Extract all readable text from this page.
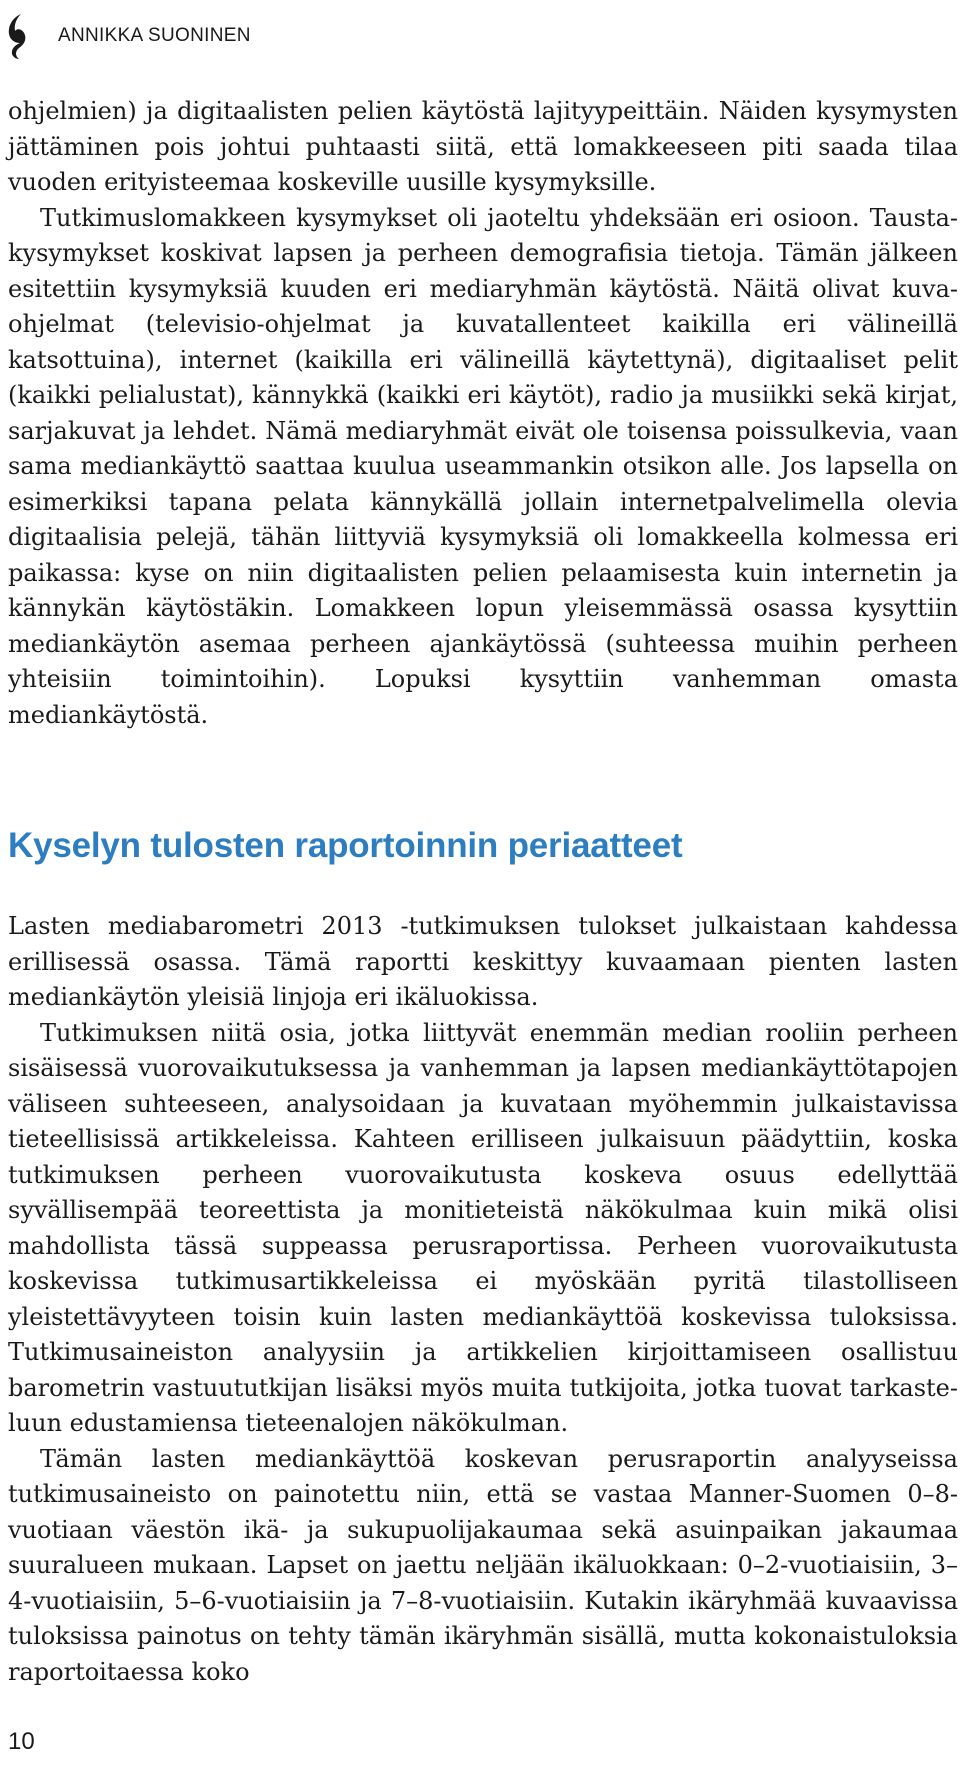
ANNIKKA SUONINEN

ohjelmien) ja digitaalisten pelien käytöstä lajityypeittäin. Näiden kysymysten jättäminen pois johtui puhtaasti siitä, että lomakkeeseen piti saada tilaa vuoden erityisteemaa koskeville uusille kysymyksille.

Tutkimuslomakkeen kysymykset oli jaoteltu yhdeksään eri osioon. Taustakysymykset koskivat lapsen ja perheen demografisia tietoja. Tämän jälkeen esitettiin kysymyksiä kuuden eri mediaryhmän käytöstä. Näitä olivat kuvaohjelmat (televisio-ohjelmat ja kuvatallenteet kaikilla eri välineillä katsottuina), internet (kaikilla eri välineillä käytettynä), digitaaliset pelit (kaikki pelialustat), kännykkä (kaikki eri käytöt), radio ja musiikki sekä kirjat, sarjakuvat ja lehdet. Nämä mediaryhmät eivät ole toisensa poissulkevia, vaan sama mediankäyttö saattaa kuulua useammankin otsikon alle. Jos lapsella on esimerkiksi tapana pelata kännykällä jollain internetpalvelimella olevia digitaalisia pelejä, tähän liittyviä kysymyksiä oli lomakkeella kolmessa eri paikassa: kyse on niin digitaalisten pelien pelaamisesta kuin internetin ja kännykän käytöstäkin. Lomakkeen lopun yleisemmässä osassa kysyttiin mediankäytön asemaa perheen ajankäytössä (suhteessa muihin perheen yhteisiin toimintoihin). Lopuksi kysyttiin vanhemman omasta mediankäytöstä.

Kyselyn tulosten raportoinnin periaatteet

Lasten mediabarometri 2013 -tutkimuksen tulokset julkaistaan kahdessa erillisessä osassa. Tämä raportti keskittyy kuvaamaan pienten lasten mediankäytön yleisiä linjoja eri ikäluokissa.

Tutkimuksen niitä osia, jotka liittyvät enemmän median rooliin perheen sisäisessä vuorovaikutuksessa ja vanhemman ja lapsen mediankäyttötapojen väliseen suhteeseen, analysoidaan ja kuvataan myöhemmin julkaistavissa tieteellisissä artikkeleissa. Kahteen erilliseen julkaisuun päädyttiin, koska tutkimuksen perheen vuorovaikutusta koskeva osuus edellyttää syvällisempää teoreettista ja monitieteistä näkökulmaa kuin mikä olisi mahdollista tässä suppeassa perusraportissa. Perheen vuorovaikutusta koskevissa tutkimusartikkeleissa ei myöskään pyritä tilastolliseen yleistettävyyteen toisin kuin lasten mediankäyttöä koskevissa tuloksissa. Tutkimusaineiston analyysiin ja artikkelien kirjoittamiseen osallistuu barometrin vastuututkijan lisäksi myös muita tutkijoita, jotka tuovat tarkasteluun edustamiensa tieteenalojen näkökulman.

Tämän lasten mediankäyttöä koskevan perusraportin analyyseissa tutkimusaineisto on painotettu niin, että se vastaa Manner-Suomen 0–8-vuotiaan väestön ikä- ja sukupuolijakaumaa sekä asuinpaikan jakaumaa suuralueen mukaan. Lapset on jaettu neljään ikäluokkaan: 0–2-vuotiaisiin, 3–4-vuotiaisiin, 5–6-vuotiaisiin ja 7–8-vuotiaisiin. Kutakin ikäryhmää kuvaavissa tuloksissa painotus on tehty tämän ikäryhmän sisällä, mutta kokonaistuloksia raportoitaessa koko

10
